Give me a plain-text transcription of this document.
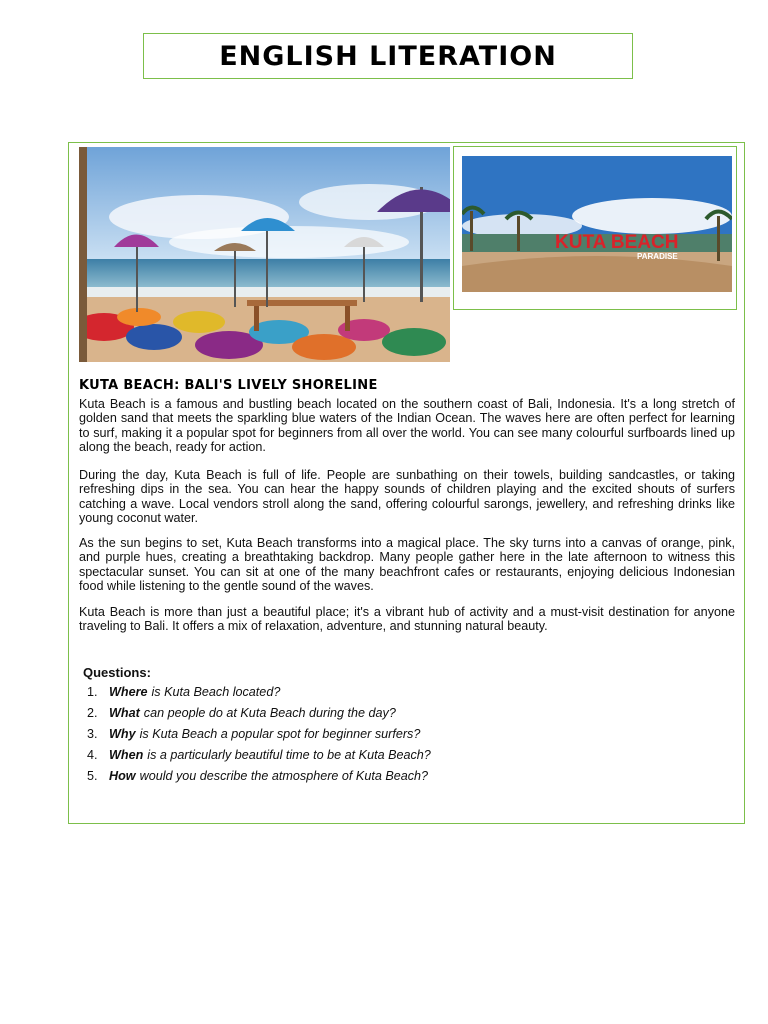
ENGLISH LITERATION
KUTA BEACH
PARADISE
KUTA BEACH: BALI'S LIVELY SHORELINE

Kuta Beach is a famous and bustling beach located on the southern coast of Bali, Indonesia. It's a long stretch of golden sand that meets the sparkling blue waters of the Indian Ocean. The waves here are often perfect for learning to surf, making it a popular spot for beginners from all over the world. You can see many colourful surfboards lined up along the beach, ready for action.

During the day, Kuta Beach is full of life. People are sunbathing on their towels, building sandcastles, or taking refreshing dips in the sea. You can hear the happy sounds of children playing and the excited shouts of surfers catching a wave. Local vendors stroll along the sand, offering colourful sarongs, jewellery, and refreshing drinks like young coconut water.

As the sun begins to set, Kuta Beach transforms into a magical place. The sky turns into a canvas of orange, pink, and purple hues, creating a breathtaking backdrop. Many people gather here in the late afternoon to witness this spectacular sunset. You can sit at one of the many beachfront cafes or restaurants, enjoying delicious Indonesian food while listening to the gentle sound of the waves.

Kuta Beach is more than just a beautiful place; it's a vibrant hub of activity and a must-visit destination for anyone traveling to Bali. It offers a mix of relaxation, adventure, and stunning natural beauty.

Questions:
1. Where is Kuta Beach located?
2. What can people do at Kuta Beach during the day?
3. Why is Kuta Beach a popular spot for beginner surfers?
4. When is a particularly beautiful time to be at Kuta Beach?
5. How would you describe the atmosphere of Kuta Beach?
